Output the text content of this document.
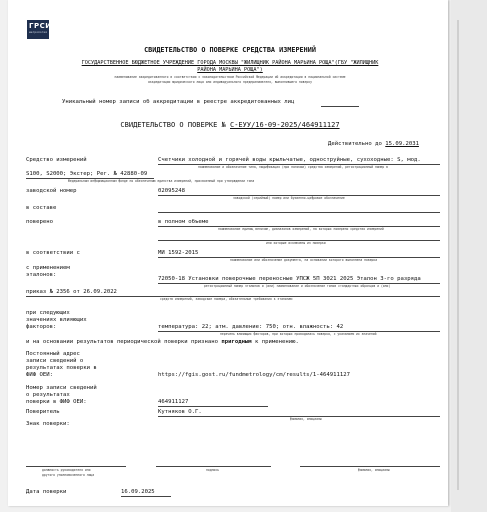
ГРСИ
метрология
СВИДЕТЕЛЬСТВО О ПОВЕРКЕ СРЕДСТВА ИЗМЕРЕНИЙ
ГОСУДАРСТВЕННОЕ БЮДЖЕТНОЕ УЧРЕЖДЕНИЕ ГОРОДА МОСКВЫ "ЖИЛИЩНИК РАЙОНА МАРЬИНА РОЩА"(ГБУ "ЖИЛИЩНИК
РАЙОНА МАРЬИНА РОЩА")
наименование аккредитованного в соответствии с законодательством Российской Федерации об аккредитации в национальной системе
аккредитации юридического лица или индивидуального предпринимателя, выполнившего поверку
Уникальный номер записи об аккредитации в реестре аккредитованных лиц
СВИДЕТЕЛЬСТВО О ПОВЕРКЕ № С-ЕУУ/16-09-2025/464911127
Действительно до 15.09.2031
Средство измерений	Счетчики холодной и горячей воды крыльчатые, одноструйные, сухоходные: S, мод.
наименование и обозначение типа, модификация (при наличии) средства измерений, регистрационный номер в
S100, S2000; Экстер; Рег. № 42880-09
Федеральном информационном фонде по обеспечению единства измерений, присвоенный при утверждении типа
заводской номер	02095248
заводской (серийный) номер или буквенно-цифровое обозначение
в составе
поверено	в полном объеме
наименование единиц величин, диапазонов измерений, на которых поверено средство измерений
или которые исключены из поверки
в соответствии с	МИ 1592-2015
наименование или обозначение документа, на основании которого выполнена поверка
с применением
эталонов:
72050-18 Установки поверочные переносные УПСЖ 5П 3021 2025 Эталон 3-го разряда
регистрационный номер эталонов и (или) наименование и обозначение типов стандартных образцов и (или)
приказ № 2356 от 26.09.2022
средств измерений, заводские номера, обязательные требования к эталонам
при следующих
значениях влияющих
факторов:	температура: 22; атм. давление: 750; отн. влажность: 42
перечень влияющих факторов, при которых проводилась поверка, с указанием их значений
и на основании результатов периодической поверки признано пригодным к применению.
Постоянный адрес
записи сведений о
результатах поверки в
ФИФ ОЕИ:	https://fgis.gost.ru/fundmetrology/cm/results/1-464911127
Номер записи сведений
о результатах
поверки в ФИФ ОЕИ:	464911127
Поверитель	Кутняков О.Г.
фамилия, инициалы
Знак поверки:
должность руководителя или
другого уполномоченного лица
подпись	фамилия, инициалы
Дата поверки	16.09.2025
